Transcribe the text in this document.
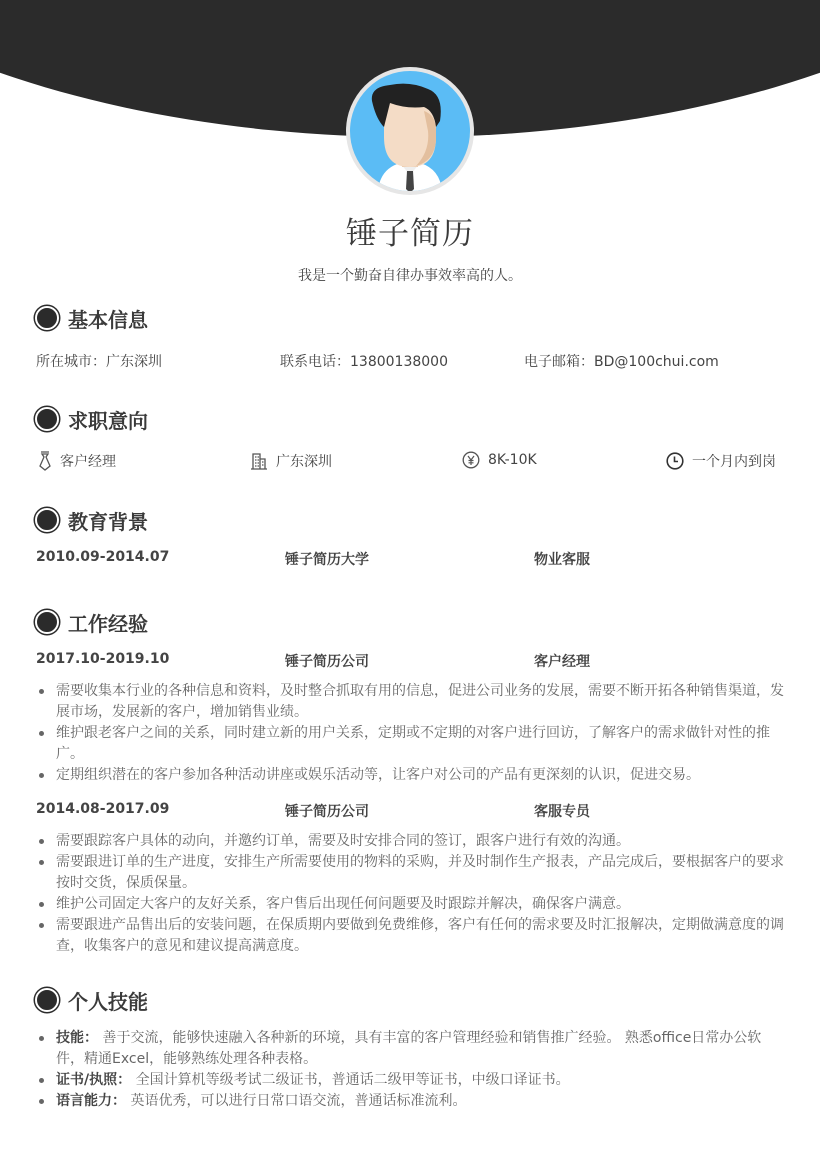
锤子简历
我是一个勤奋自律办事效率高的人。
基本信息
所在城市：广东深圳	联系电话：13800138000	电子邮箱：BD@100chui.com
求职意向
客户经理	广东深圳	8K-10K	一个月内到岗
教育背景
2010.09-2014.07	锤子简历大学	物业客服
工作经验
2017.10-2019.10	锤子简历公司	客户经理
需要收集本行业的各种信息和资料，及时整合抓取有用的信息，促进公司业务的发展，需要不断开拓各种销售渠道，发展市场，发展新的客户，增加销售业绩。
维护跟老客户之间的关系，同时建立新的用户关系，定期或不定期的对客户进行回访，了解客户的需求做针对性的推广。
定期组织潜在的客户参加各种活动讲座或娱乐活动等，让客户对公司的产品有更深刻的认识，促进交易。
2014.08-2017.09	锤子简历公司	客服专员
需要跟踪客户具体的动向，并邀约订单，需要及时安排合同的签订，跟客户进行有效的沟通。
需要跟进订单的生产进度，安排生产所需要使用的物料的采购，并及时制作生产报表，产品完成后，要根据客户的要求按时交货，保质保量。
维护公司固定大客户的友好关系，客户售后出现任何问题要及时跟踪并解决，确保客户满意。
需要跟进产品售出后的安装问题，在保质期内要做到免费维修，客户有任何的需求要及时汇报解决，定期做满意度的调查，收集客户的意见和建议提高满意度。
个人技能
技能： 善于交流，能够快速融入各种新的环境，具有丰富的客户管理经验和销售推广经验。 熟悉office日常办公软件，精通Excel，能够熟练处理各种表格。
证书/执照： 全国计算机等级考试二级证书，普通话二级甲等证书，中级口译证书。
语言能力： 英语优秀，可以进行日常口语交流，普通话标准流利。
